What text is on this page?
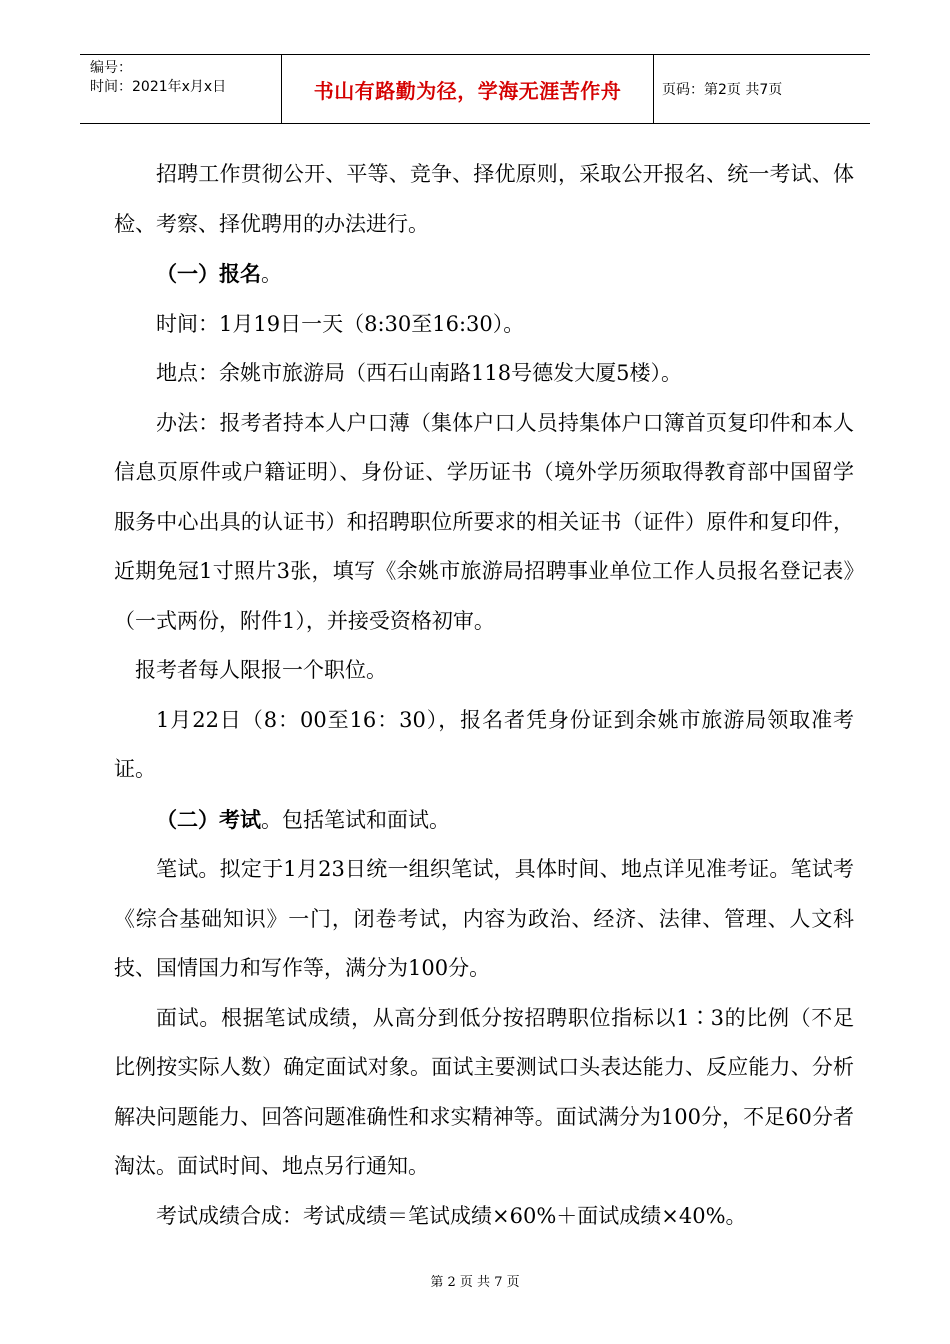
编号：
时间：2021年x月x日	书山有路勤为径，学海无涯苦作舟	页码：第2页 共7页

招聘工作贯彻公开、平等、竞争、择优原则，采取公开报名、统一考试、体检、考察、择优聘用的办法进行。

（一）报名。

时间：1月19日一天（8:30至16:30）。

地点：余姚市旅游局（西石山南路118号德发大厦5楼）。

办法：报考者持本人户口薄（集体户口人员持集体户口簿首页复印件和本人信息页原件或户籍证明）、身份证、学历证书（境外学历须取得教育部中国留学服务中心出具的认证书）和招聘职位所要求的相关证书（证件）原件和复印件，近期免冠1寸照片3张，填写《余姚市旅游局招聘事业单位工作人员报名登记表》（一式两份，附件1），并接受资格初审。

报考者每人限报一个职位。

1月22日（8：00至16：30），报名者凭身份证到余姚市旅游局领取准考证。

（二）考试。包括笔试和面试。

笔试。拟定于1月23日统一组织笔试，具体时间、地点详见准考证。笔试考《综合基础知识》一门，闭卷考试，内容为政治、经济、法律、管理、人文科技、国情国力和写作等，满分为100分。

面试。根据笔试成绩，从高分到低分按招聘职位指标以1∶3的比例（不足比例按实际人数）确定面试对象。面试主要测试口头表达能力、反应能力、分析解决问题能力、回答问题准确性和求实精神等。面试满分为100分，不足60分者淘汰。面试时间、地点另行通知。

考试成绩合成：考试成绩＝笔试成绩×60%＋面试成绩×40%。

第 2 页 共 7 页
